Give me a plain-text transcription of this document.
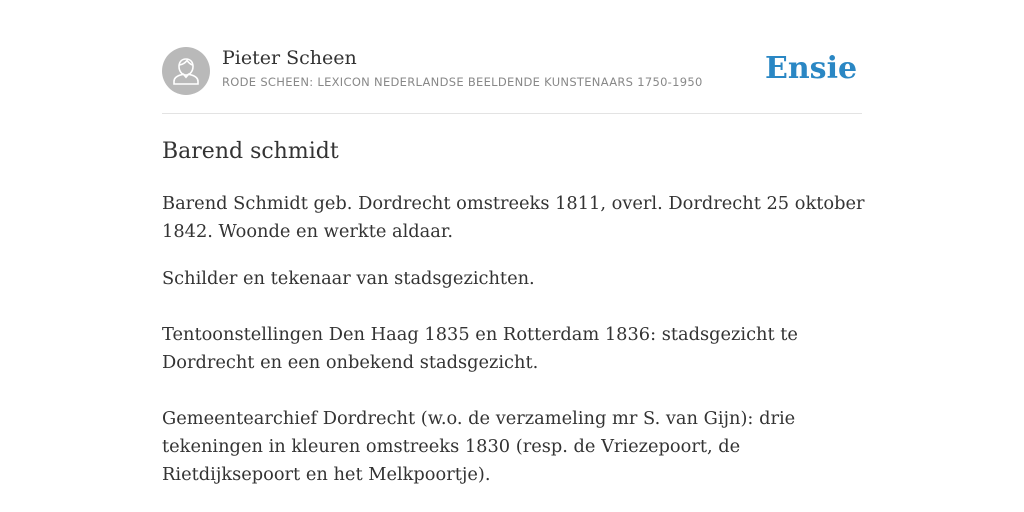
Pieter Scheen
RODE SCHEEN: LEXICON NEDERLANDSE BEELDENDE KUNSTENAARS 1750-1950 Ensie
Barend schmidt

Barend Schmidt geb. Dordrecht omstreeks 1811, overl. Dordrecht 25 oktober 1842. Woonde en werkte aldaar.

Schilder en tekenaar van stadsgezichten.

Tentoonstellingen Den Haag 1835 en Rotterdam 1836: stadsgezicht te Dordrecht en een onbekend stadsgezicht.

Gemeentearchief Dordrecht (w.o. de verzameling mr S. van Gijn): drie tekeningen in kleuren omstreeks 1830 (resp. de Vriezepoort, de Rietdijksepoort en het Melkpoortje).
